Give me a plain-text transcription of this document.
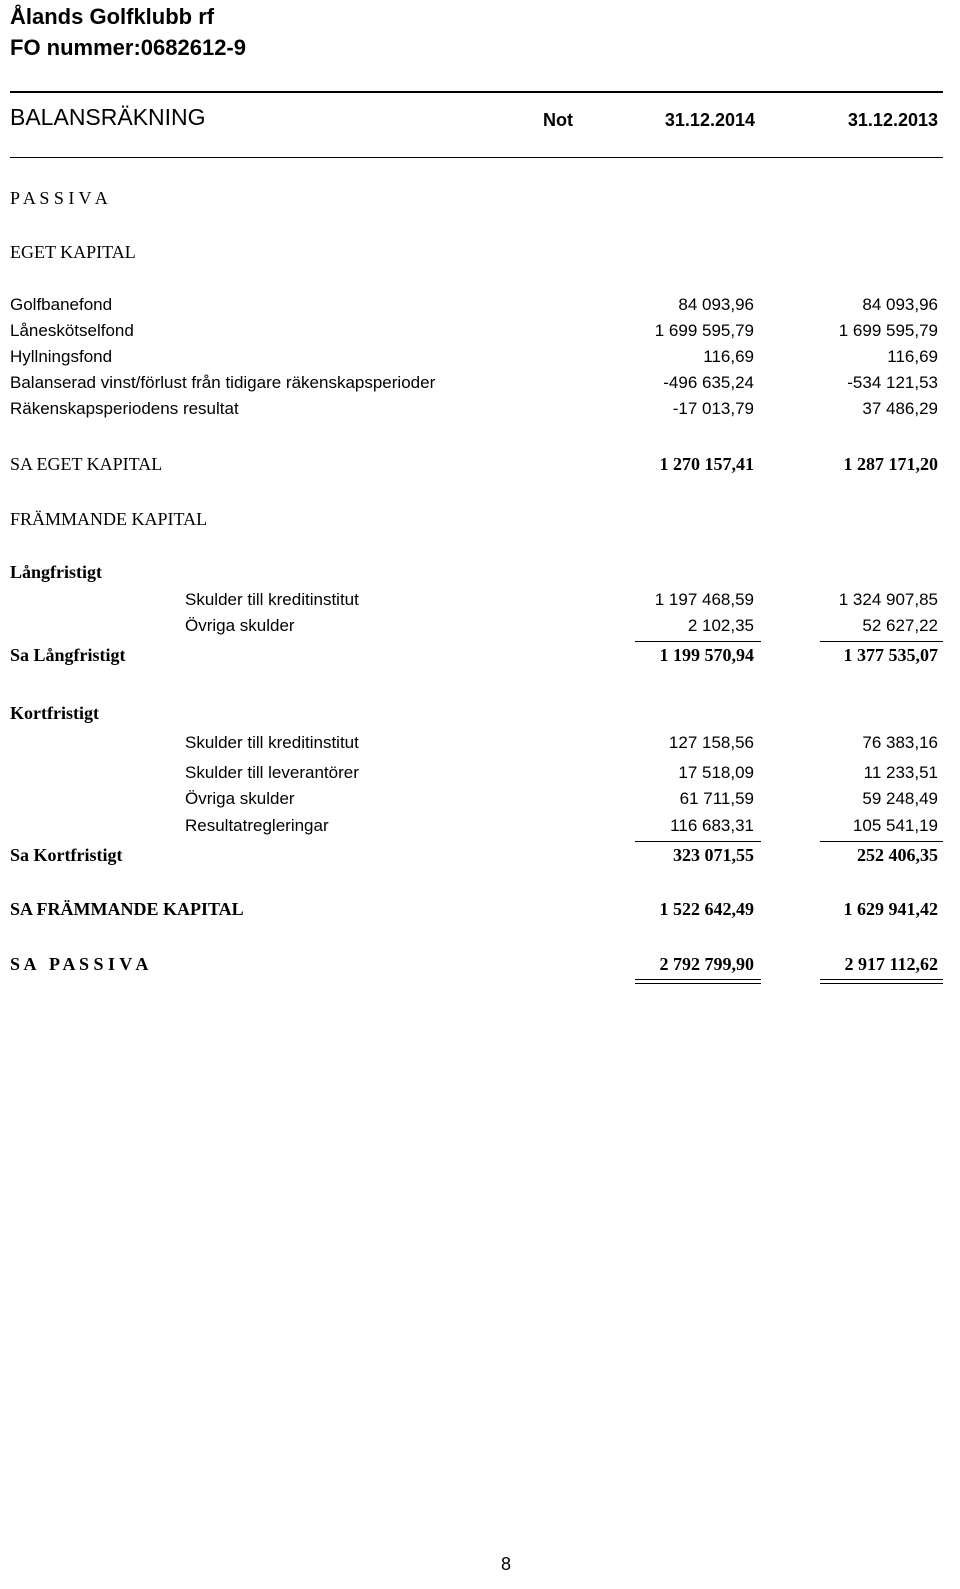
Ålands Golfklubb rf
FO nummer:0682612-9
BALANSRÄKNING	Not	31.12.2014	31.12.2013
P A S S I V A
EGET KAPITAL
Golfbanefond	84 093,96	84 093,96
Låneskötselfond	1 699 595,79	1 699 595,79
Hyllningsfond	116,69	116,69
Balanserad vinst/förlust från tidigare räkenskapsperioder	-496 635,24	-534 121,53
Räkenskapsperiodens resultat	-17 013,79	37 486,29
SA EGET KAPITAL	1 270 157,41	1 287 171,20
FRÄMMANDE KAPITAL
Långfristigt
Skulder till kreditinstitut	1 197 468,59	1 324 907,85
Övriga skulder	2 102,35	52 627,22
Sa Långfristigt	1 199 570,94	1 377 535,07
Kortfristigt
Skulder till kreditinstitut	127 158,56	76 383,16
Skulder till leverantörer	17 518,09	11 233,51
Övriga skulder	61 711,59	59 248,49
Resultatregleringar	116 683,31	105 541,19
Sa Kortfristigt	323 071,55	252 406,35
SA FRÄMMANDE KAPITAL	1 522 642,49	1 629 941,42
S A   P A S S I V A	2 792 799,90	2 917 112,62
8
